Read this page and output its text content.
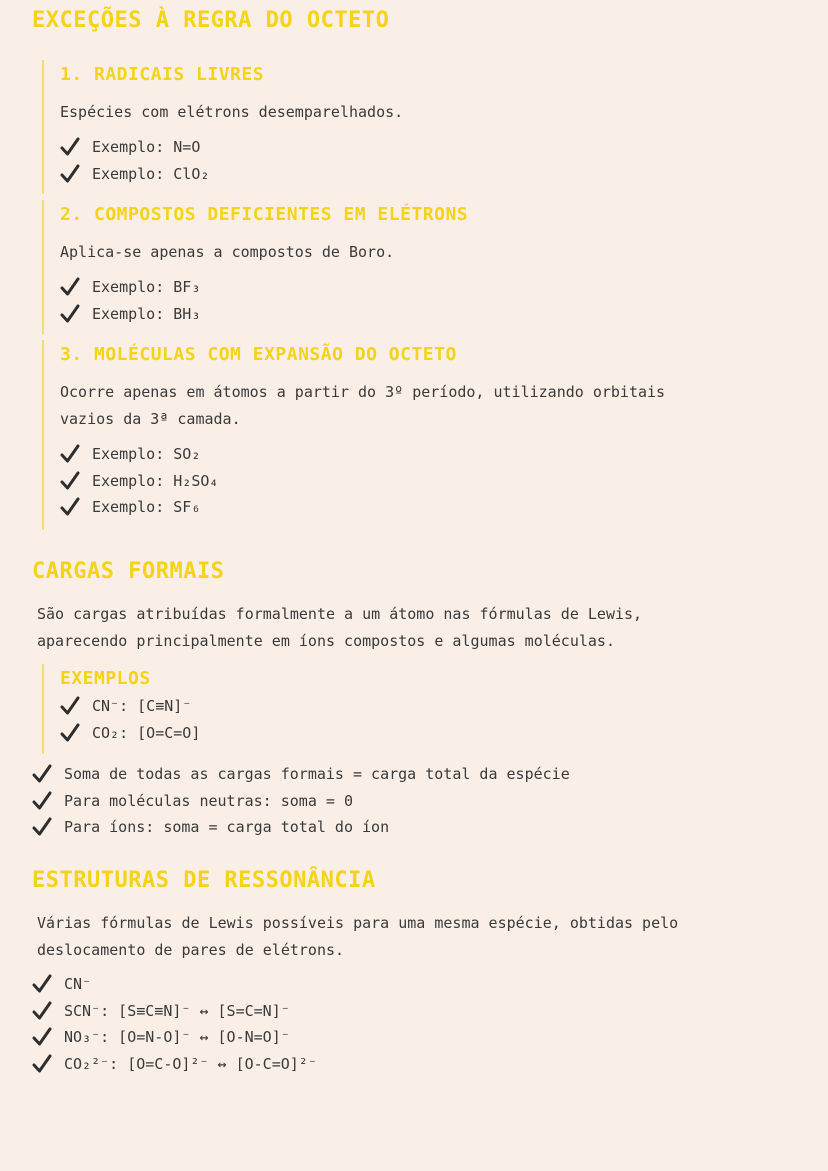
EXCEÇÕES À REGRA DO OCTETO
1. RADICAIS LIVRES

Espécies com elétrons desemparelhados.

Exemplo: N=O
Exemplo: ClO₂
2. COMPOSTOS DEFICIENTES EM ELÉTRONS

Aplica-se apenas a compostos de Boro.

Exemplo: BF₃
Exemplo: BH₃
3. MOLÉCULAS COM EXPANSÃO DO OCTETO

Ocorre apenas em átomos a partir do 3º período, utilizando orbitais

vazios da 3ª camada.

Exemplo: SO₂
Exemplo: H₂SO₄
Exemplo: SF₆
CARGAS FORMAIS

São cargas atribuídas formalmente a um átomo nas fórmulas de Lewis,
aparecendo principalmente em íons compostos e algumas moléculas.

EXEMPLOS
CN⁻: [C≡N]⁻
CO₂: [O=C=O]
Soma de todas as cargas formais = carga total da espécie
Para moléculas neutras: soma = 0
Para íons: soma = carga total do íon
ESTRUTURAS DE RESSONÂNCIA

Várias fórmulas de Lewis possíveis para uma mesma espécie, obtidas pelo
deslocamento de pares de elétrons.

CN⁻
SCN⁻: [S≡C≡N]⁻ ↔ [S=C=N]⁻
NO₃⁻: [O=N-O]⁻ ↔ [O-N=O]⁻
CO₂²⁻: [O=C-O]²⁻ ↔ [O-C=O]²⁻
